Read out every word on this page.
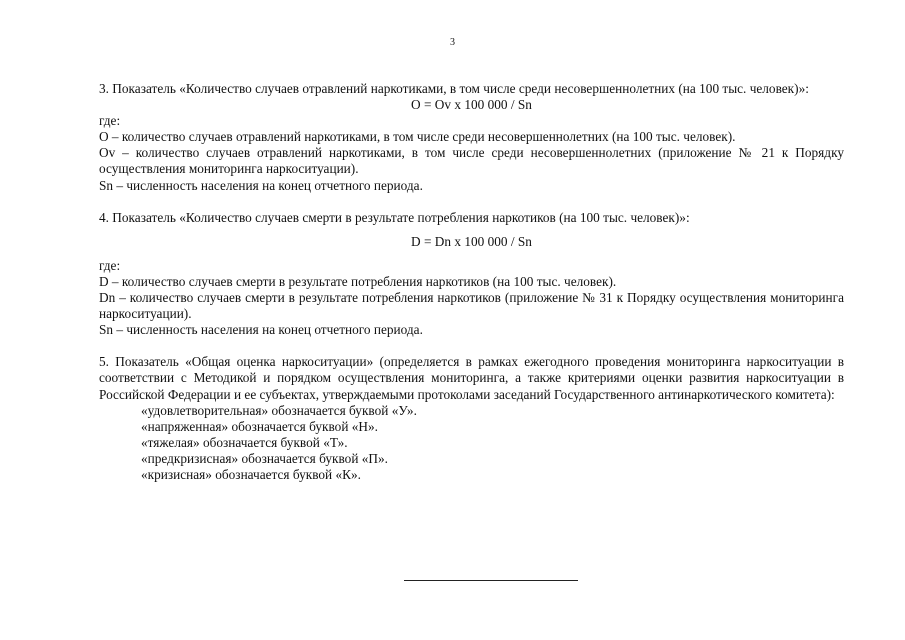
3

3. Показатель «Количество случаев отравлений наркотиками, в том числе среди несовершеннолетних (на 100 тыс. человек)»:

O = Ov x 100 000 / Sn

где:

O – количество случаев отравлений наркотиками, в том числе среди несовершеннолетних (на 100 тыс. человек).

Ov – количество случаев отравлений наркотиками, в том числе среди несовершеннолетних (приложение № 21 к Порядку осуществления мониторинга наркоситуации).

Sn – численность населения на конец отчетного периода.

4. Показатель «Количество случаев смерти в результате потребления наркотиков (на 100 тыс. человек)»:

D = Dn x 100 000 / Sn

где:

D – количество случаев смерти в результате потребления наркотиков (на 100 тыс. человек).

Dn – количество случаев смерти в результате потребления наркотиков (приложение № 31 к Порядку осуществления мониторинга наркоситуации).

Sn – численность населения на конец отчетного периода.

5. Показатель «Общая оценка наркоситуации» (определяется в рамках ежегодного проведения мониторинга наркоситуации в соответствии с Методикой и порядком осуществления мониторинга, а также критериями оценки развития наркоситуации в Российской Федерации и ее субъектах, утверждаемыми протоколами заседаний Государственного антинаркотического комитета):

«удовлетворительная» обозначается буквой «У».

«напряженная» обозначается буквой «Н».

«тяжелая» обозначается буквой «Т».

«предкризисная» обозначается буквой «П».

«кризисная» обозначается буквой «К».
